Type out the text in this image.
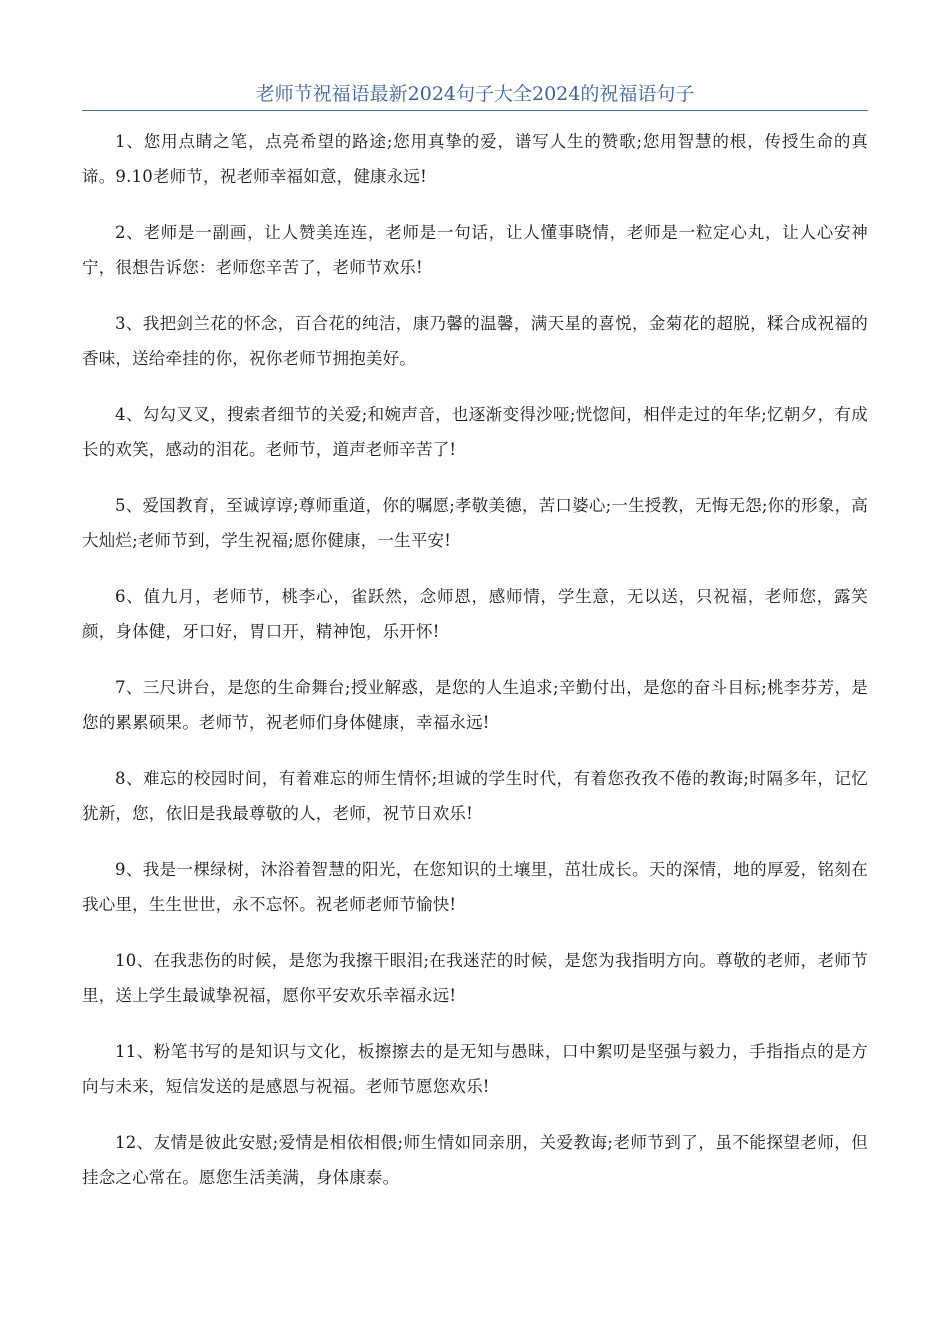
老师节祝福语最新2024句子大全2024的祝福语句子

1、您用点睛之笔，点亮希望的路途;您用真挚的爱，谱写人生的赞歌;您用智慧的根，传授生命的真谛。9.10老师节，祝老师幸福如意，健康永远!

2、老师是一副画，让人赞美连连，老师是一句话，让人懂事晓情，老师是一粒定心丸，让人心安神宁，很想告诉您：老师您辛苦了，老师节欢乐!

3、我把剑兰花的怀念，百合花的纯洁，康乃馨的温馨，满天星的喜悦，金菊花的超脱，糅合成祝福的香味，送给牵挂的你，祝你老师节拥抱美好。

4、勾勾叉叉，搜索者细节的关爱;和婉声音，也逐渐变得沙哑;恍惚间，相伴走过的年华;忆朝夕，有成长的欢笑，感动的泪花。老师节，道声老师辛苦了!

5、爱国教育，至诚谆谆;尊师重道，你的嘱愿;孝敬美德，苦口婆心;一生授教，无悔无怨;你的形象，高大灿烂;老师节到，学生祝福;愿你健康，一生平安!

6、值九月，老师节，桃李心，雀跃然，念师恩，感师情，学生意，无以送，只祝福，老师您，露笑颜，身体健，牙口好，胃口开，精神饱，乐开怀!

7、三尺讲台，是您的生命舞台;授业解惑，是您的人生追求;辛勤付出，是您的奋斗目标;桃李芬芳，是您的累累硕果。老师节，祝老师们身体健康，幸福永远!

8、难忘的校园时间，有着难忘的师生情怀;坦诚的学生时代，有着您孜孜不倦的教诲;时隔多年，记忆犹新，您，依旧是我最尊敬的人，老师，祝节日欢乐!

9、我是一棵绿树，沐浴着智慧的阳光，在您知识的土壤里，茁壮成长。天的深情，地的厚爱，铭刻在我心里，生生世世，永不忘怀。祝老师老师节愉快!

10、在我悲伤的时候，是您为我擦干眼泪;在我迷茫的时候，是您为我指明方向。尊敬的老师，老师节里，送上学生最诚挚祝福，愿你平安欢乐幸福永远!

11、粉笔书写的是知识与文化，板擦擦去的是无知与愚昧，口中絮叨是坚强与毅力，手指指点的是方向与未来，短信发送的是感恩与祝福。老师节愿您欢乐!

12、友情是彼此安慰;爱情是相依相偎;师生情如同亲朋，关爱教诲;老师节到了，虽不能探望老师，但挂念之心常在。愿您生活美满，身体康泰。
